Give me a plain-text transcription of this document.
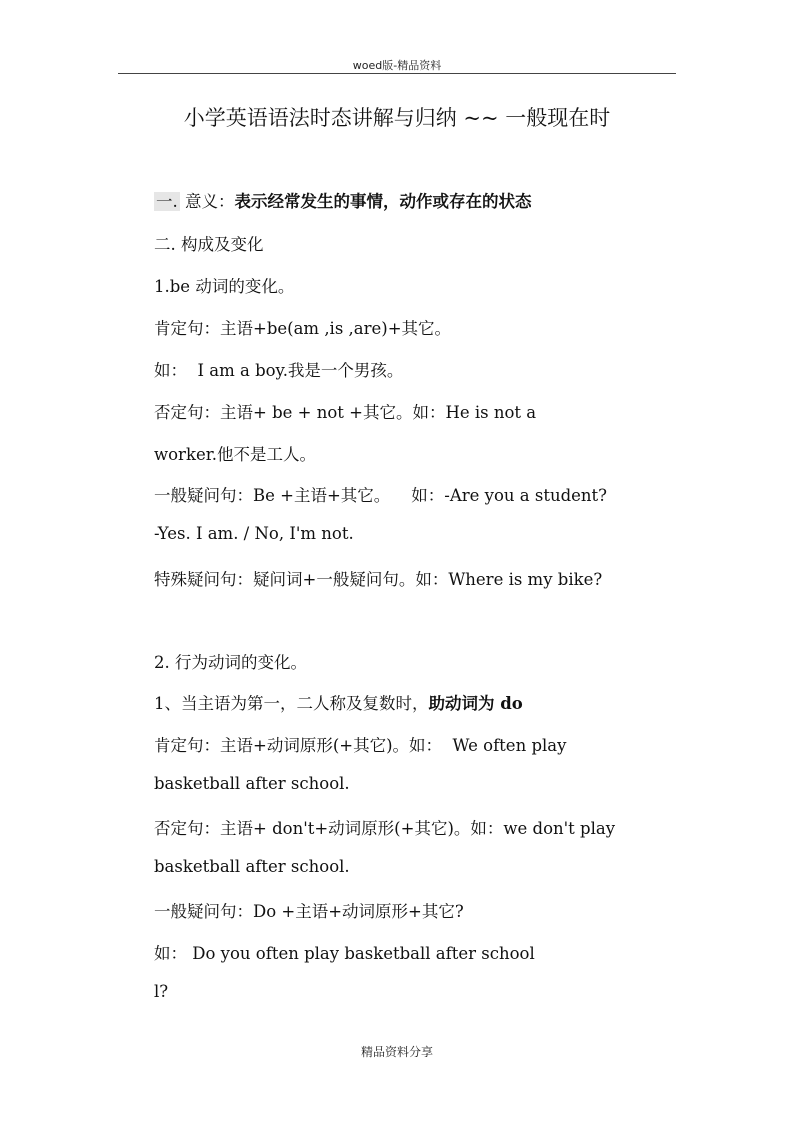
woed版-精品资料
小学英语语法时态讲解与归纳 ~~ 一般现在时
一. 意义：表示经常发生的事情，动作或存在的状态
二. 构成及变化
1.be 动词的变化。
肯定句：主语+be(am ,is ,are)+其它。
如：  I am a boy.我是一个男孩。
否定句：主语+ be + not +其它。如：He is not a
worker.他不是工人。
一般疑问句：Be +主语+其它。    如：-Are you a student?
-Yes. I am. / No, I'm not.
特殊疑问句：疑问词+一般疑问句。如：Where is my bike?
2. 行为动词的变化。
1、当主语为第一，二人称及复数时，助动词为 do
肯定句：主语+动词原形(+其它)。如：  We often play
basketball after school.
否定句：主语+ don't+动词原形(+其它)。如：we don't play
basketball after school.
一般疑问句：Do +主语+动词原形+其它?
如： Do you often play basketball after school
l?
精品资料分享
